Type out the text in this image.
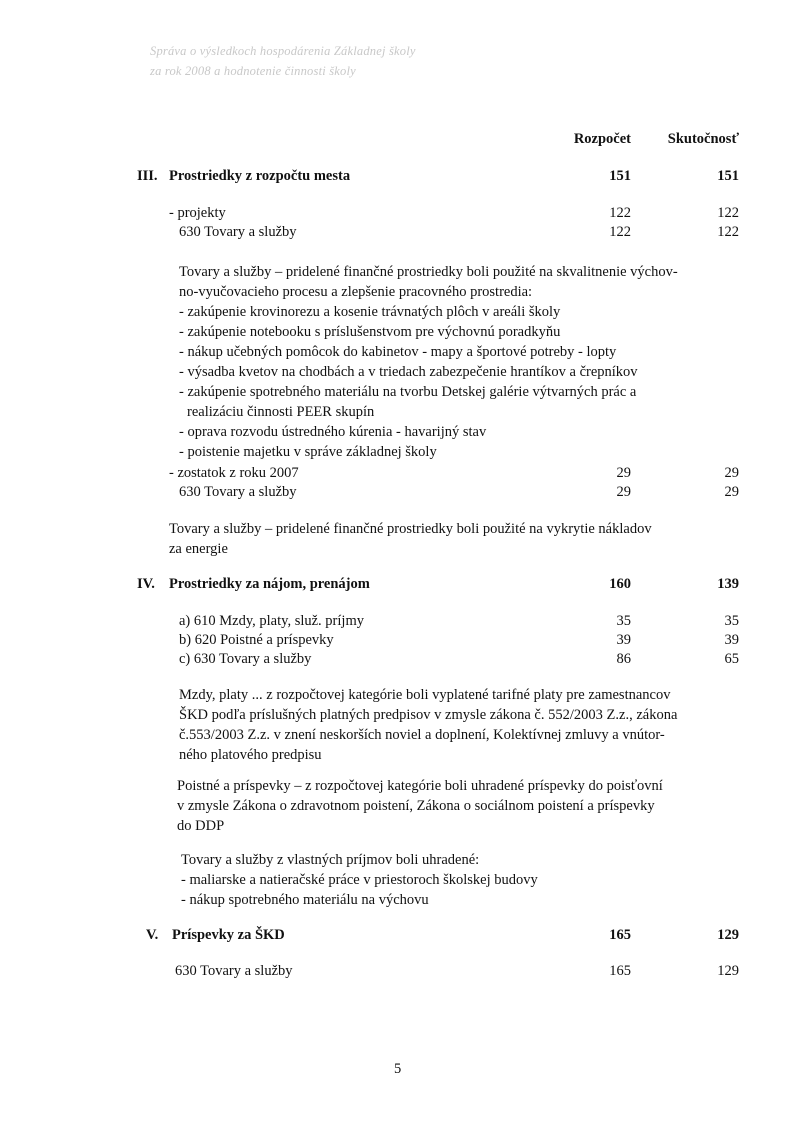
Správa o výsledkoch hospodárenia Základnej školy
za rok 2008 a hodnotenie činnosti školy
Rozpočet	Skutočnosť
III. Prostriedky z rozpočtu mesta	151	151
- projekty	122	122
630 Tovary a služby	122	122
Tovary a služby – pridelené finančné prostriedky boli použité na skvalitnenie výchov-
no-vyučovacieho procesu a zlepšenie pracovného prostredia:
- zakúpenie krovinorezu a kosenie trávnatých plôch v areáli školy
- zakúpenie notebooku s príslušenstvom pre výchovnú poradkyňu
- nákup učebných pomôcok do kabinetov - mapy a športové potreby - lopty
- výsadba kvetov na chodbách a v triedach zabezpečenie hrantíkov a črepníkov
- zakúpenie spotrebného materiálu na tvorbu Detskej galérie výtvarných prác a
realizáciu činnosti PEER skupín
- oprava rozvodu ústredného kúrenia - havarijný stav
- poistenie majetku v správe základnej školy
- zostatok z roku 2007	29	29
630 Tovary a služby	29	29
Tovary a služby – pridelené finančné prostriedky boli použité na vykrytie nákladov
za energie
IV. Prostriedky za nájom, prenájom	160	139
a) 610 Mzdy, platy, služ. príjmy	35	35
b) 620 Poistné a príspevky	39	39
c) 630 Tovary a služby	86	65
Mzdy, platy ... z rozpočtovej kategórie boli vyplatené tarifné platy pre zamestnancov
ŠKD podľa príslušných platných predpisov v zmysle zákona č. 552/2003 Z.z., zákona
č.553/2003 Z.z. v znení neskorších noviel a doplnení, Kolektívnej zmluvy a vnútor-
ného platového predpisu
Poistné a príspevky – z rozpočtovej kategórie boli uhradené príspevky do poisťovní
v zmysle Zákona o zdravotnom poistení, Zákona o sociálnom poistení a príspevky
do DDP
Tovary a služby z vlastných príjmov boli uhradené:
- maliarske a natieračské práce v priestoroch školskej budovy
- nákup spotrebného materiálu na výchovu
V. Príspevky za ŠKD	165	129
630 Tovary a služby	165	129
5
